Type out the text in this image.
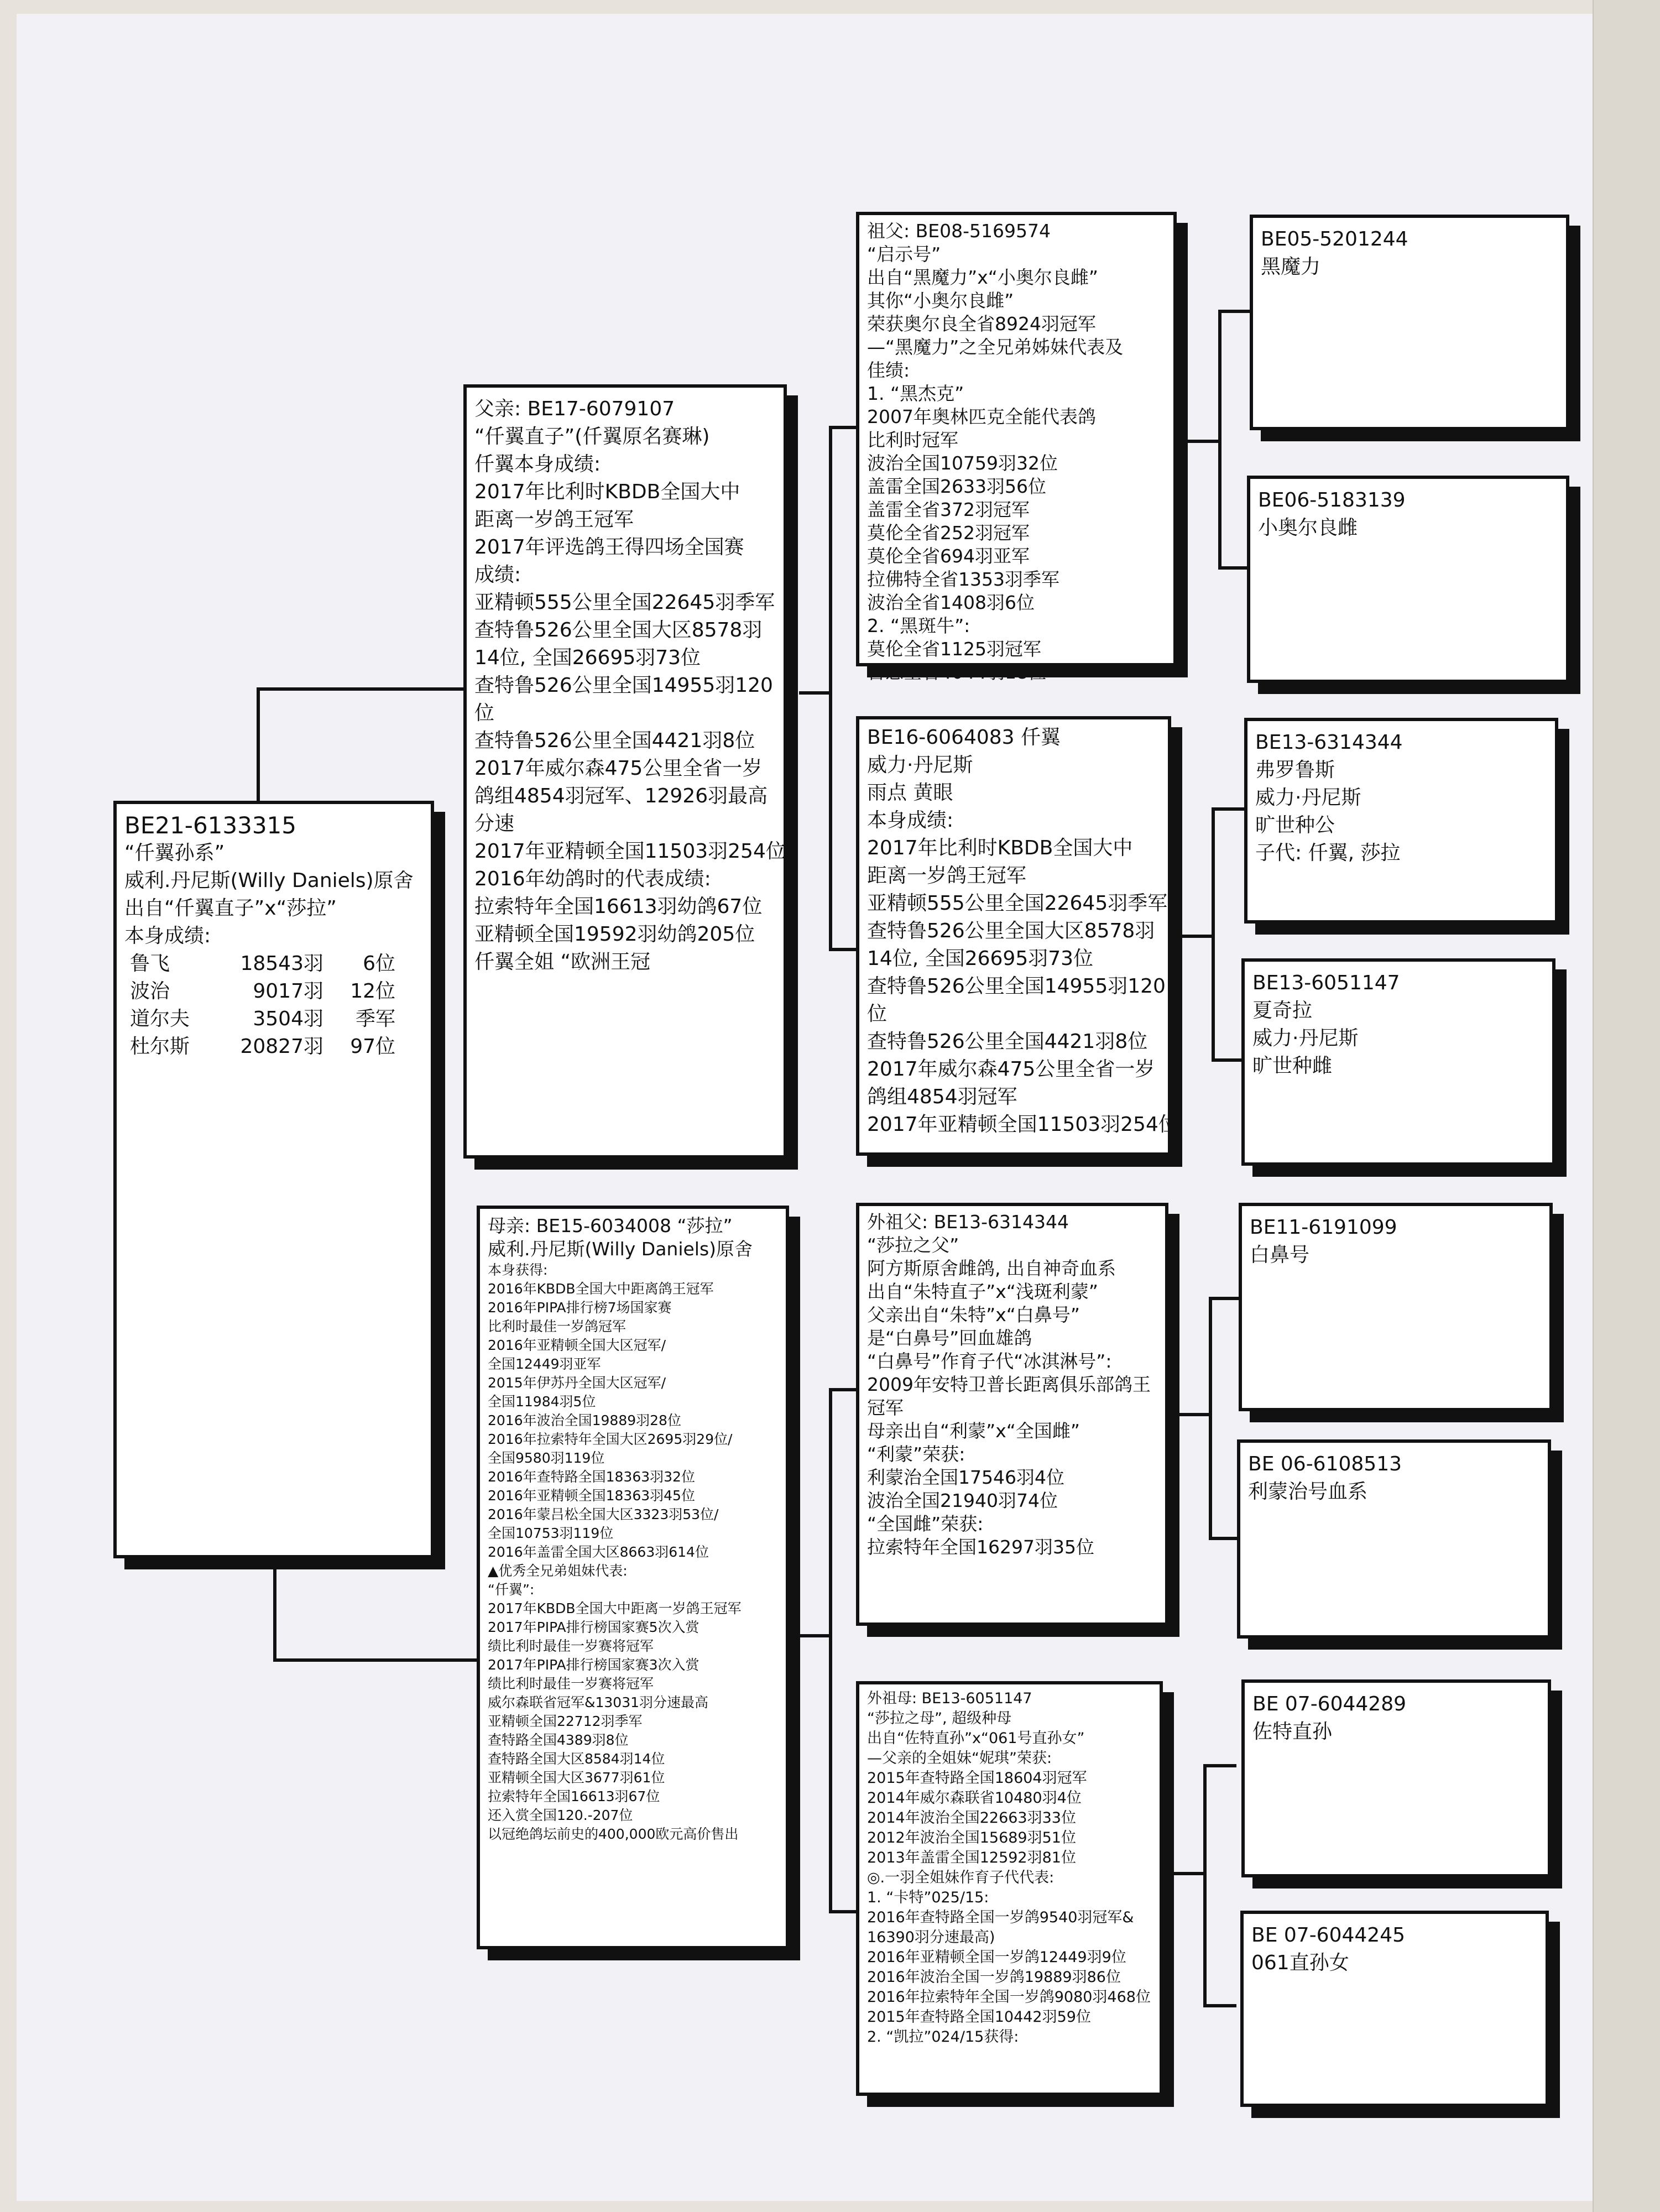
BE21-6133315
“仟翼孙系”
威利.丹尼斯(Willy Daniels)原舍
出自“仟翼直子”x“莎拉”
本身成绩:
鲁飞	18543羽	6位
波治	9017羽	12位
道尔夫	3504羽	季军
杜尔斯	20827羽	97位
父亲: BE17-6079107
“仟翼直子”(仟翼原名赛琳)
仟翼本身成绩:
2017年比利时KBDB全国大中
距离一岁鸽王冠军
2017年评选鸽王得四场全国赛
成绩:
亚精顿555公里全国22645羽季军
查特鲁526公里全国大区8578羽
14位, 全国26695羽73位
查特鲁526公里全国14955羽120
位
查特鲁526公里全国4421羽8位
2017年威尔森475公里全省一岁
鸽组4854羽冠军、12926羽最高
分速
2017年亚精顿全国11503羽254位
2016年幼鸽时的代表成绩:
拉索特年全国16613羽幼鸽67位
亚精顿全国19592羽幼鸽205位
仟翼全姐 “欧洲王冠
母亲: BE15-6034008 “莎拉”
威利.丹尼斯(Willy Daniels)原舍
本身获得:
2016年KBDB全国大中距离鸽王冠军
2016年PIPA排行榜7场国家赛
比利时最佳一岁鸽冠军
2016年亚精顿全国大区冠军/
全国12449羽亚军
2015年伊苏丹全国大区冠军/
全国11984羽5位
2016年波治全国19889羽28位
2016年拉索特年全国大区2695羽29位/
全国9580羽119位
2016年查特路全国18363羽32位
2016年亚精顿全国18363羽45位
2016年蒙吕松全国大区3323羽53位/
全国10753羽119位
2016年盖雷全国大区8663羽614位
▲优秀全兄弟姐妹代表:
“仟翼”:
2017年KBDB全国大中距离一岁鸽王冠军
2017年PIPA排行榜国家赛5次入赏
绩比利时最佳一岁赛将冠军
2017年PIPA排行榜国家赛3次入赏
绩比利时最佳一岁赛将冠军
威尔森联省冠军&13031羽分速最高
亚精顿全国22712羽季军
查特路全国4389羽8位
查特路全国大区8584羽14位
亚精顿全国大区3677羽61位
拉索特年全国16613羽67位
还入赏全国120.-207位
以冠绝鸽坛前史的400,000欧元高价售出
祖父: BE08-5169574
“启示号”
出自“黑魔力”x“小奥尔良雌”
其你“小奥尔良雌”
荣获奥尔良全省8924羽冠军
—“黑魔力”之全兄弟姊妹代表及
佳绩:
1. “黑杰克”
2007年奥林匹克全能代表鸽
比利时冠军
波治全国10759羽32位
盖雷全国2633羽56位
盖雷全省372羽冠军
莫伦全省252羽冠军
莫伦全省694羽亚军
拉佛特全省1353羽季军
波治全省1408羽6位
2. “黑斑牛”:
莫伦全省1125羽冠军
吉恩全省4044羽18位
BE16-6064083 仟翼
威力·丹尼斯
雨点 黄眼
本身成绩:
2017年比利时KBDB全国大中
距离一岁鸽王冠军
亚精顿555公里全国22645羽季军
查特鲁526公里全国大区8578羽
14位, 全国26695羽73位
查特鲁526公里全国14955羽120
位
查特鲁526公里全国4421羽8位
2017年威尔森475公里全省一岁
鸽组4854羽冠军
2017年亚精顿全国11503羽254位
外祖父: BE13-6314344
“莎拉之父”
阿方斯原舍雌鸽, 出自神奇血系
出自“朱特直子”x“浅斑利蒙”
父亲出自“朱特”x“白鼻号”
是“白鼻号”回血雄鸽
“白鼻号”作育子代“冰淇淋号”:
2009年安特卫普长距离俱乐部鸽王
冠军
母亲出自“利蒙”x“全国雌”
“利蒙”荣获:
利蒙治全国17546羽4位
波治全国21940羽74位
“全国雌”荣获:
拉索特年全国16297羽35位
外祖母: BE13-6051147
“莎拉之母”, 超级种母
出自“佐特直孙”x“061号直孙女”
—父亲的全姐妹“妮琪”荣获:
2015年查特路全国18604羽冠军
2014年威尔森联省10480羽4位
2014年波治全国22663羽33位
2012年波治全国15689羽51位
2013年盖雷全国12592羽81位
◎.一羽全姐妹作育子代代表:
1. “卡特”025/15:
2016年查特路全国一岁鸽9540羽冠军&
16390羽分速最高)
2016年亚精顿全国一岁鸽12449羽9位
2016年波治全国一岁鸽19889羽86位
2016年拉索特年全国一岁鸽9080羽468位
2015年查特路全国10442羽59位
2. “凯拉”024/15获得:
BE05-5201244
黑魔力
BE06-5183139
小奥尔良雌
BE13-6314344
弗罗鲁斯
威力·丹尼斯
旷世种公
子代: 仟翼, 莎拉
BE13-6051147
夏奇拉
威力·丹尼斯
旷世种雌
BE11-6191099
白鼻号
BE 06-6108513
利蒙治号血系
BE 07-6044289
佐特直孙
BE 07-6044245
061直孙女
